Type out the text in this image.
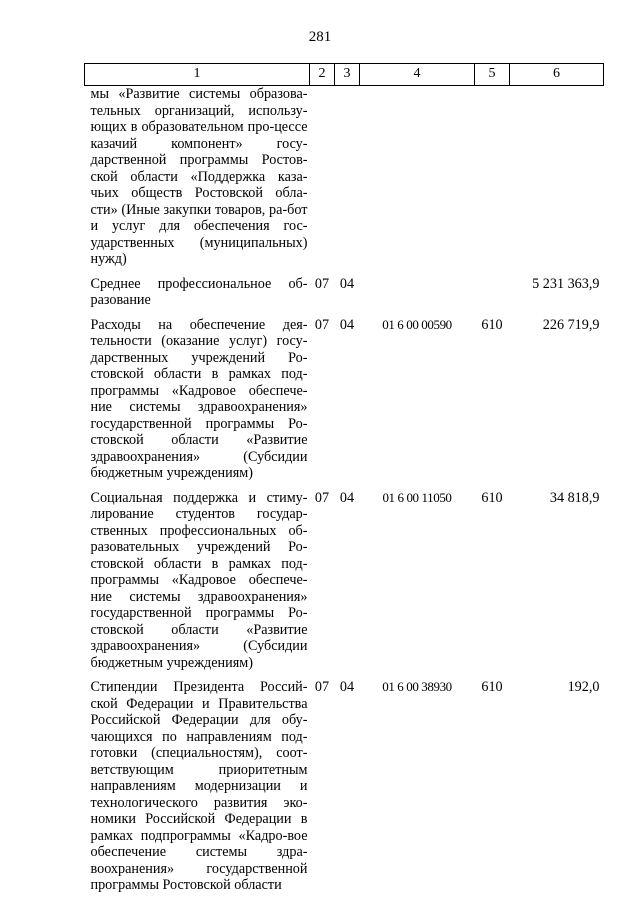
281
1	2	3	4	5	6
мы «Развитие системы образова-тельных организаций, использу-ющих в образовательном про-цессе казачий компонент» госу-дарственной программы Ростов-ской области «Поддержка каза-чьих обществ Ростовской обла-сти» (Иные закупки товаров, ра-бот и услуг для обеспечения гос-ударственных (муниципальных) нужд)					
Среднее профессиональное об-разование	07	04			5 231 363,9
Расходы на обеспечение дея-тельности (оказание услуг) госу-дарственных учреждений Ро-стовской области в рамках под-программы «Кадровое обеспече-ние системы здравоохранения» государственной программы Ро-стовской области «Развитие здравоохранения» (Субсидии бюджетным учреждениям)	07	04	01 6 00 00590	610	226 719,9
Социальная поддержка и стиму-лирование студентов государ-ственных профессиональных об-разовательных учреждений Ро-стовской области в рамках под-программы «Кадровое обеспече-ние системы здравоохранения» государственной программы Ро-стовской области «Развитие здравоохранения» (Субсидии бюджетным учреждениям)	07	04	01 6 00 11050	610	34 818,9
Стипендии Президента Россий-ской Федерации и Правительства Российской Федерации для обу-чающихся по направлениям под-готовки (специальностям), соот-ветствующим приоритетным направлениям модернизации и технологического развития эко-номики Российской Федерации в рамках подпрограммы «Кадро-вое обеспечение системы здра-воохранения» государственной программы Ростовской области	07	04	01 6 00 38930	610	192,0
